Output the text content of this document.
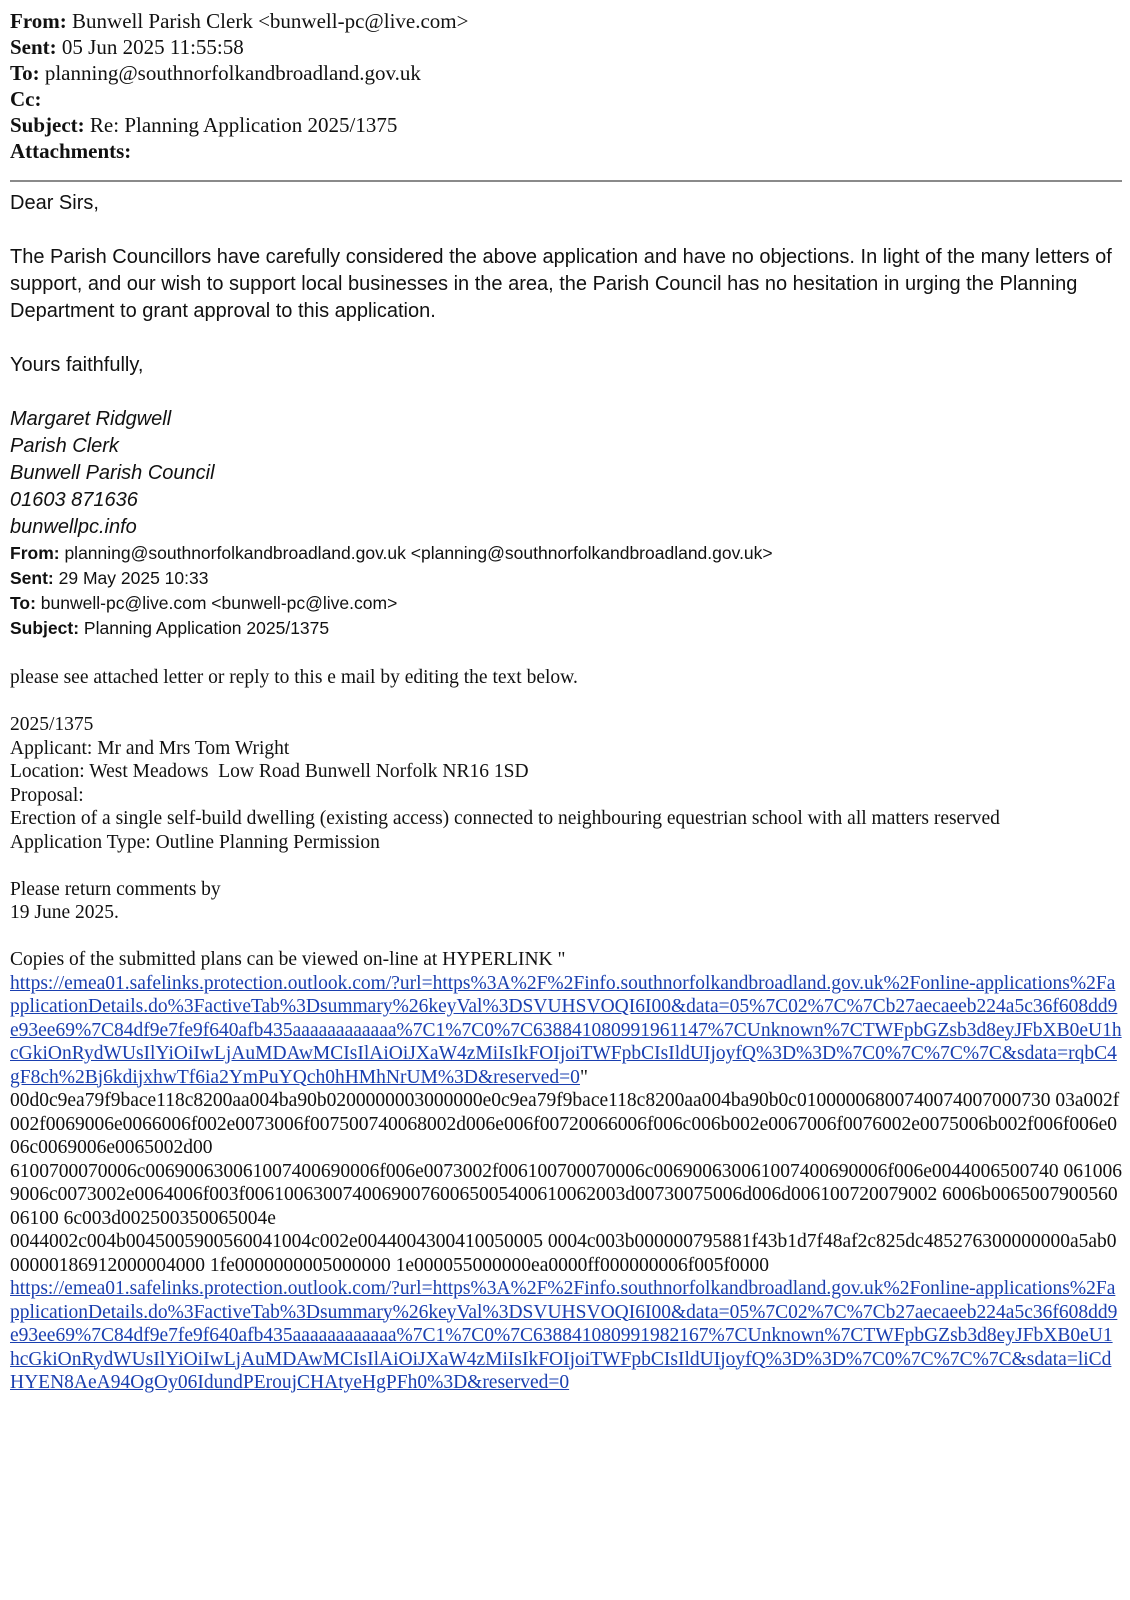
From: Bunwell Parish Clerk <bunwell-pc@live.com>
Sent: 05 Jun 2025 11:55:58
To: planning@southnorfolkandbroadland.gov.uk
Cc:
Subject: Re: Planning Application 2025/1375
Attachments:

Dear Sirs,

The Parish Councillors have carefully considered the above application and have no objections. In light of the many letters of support, and our wish to support local businesses in the area, the Parish Council has no hesitation in urging the Planning Department to grant approval to this application.

Yours faithfully,

Margaret Ridgwell
Parish Clerk
Bunwell Parish Council
01603 871636
bunwellpc.info
From: planning@southnorfolkandbroadland.gov.uk <planning@southnorfolkandbroadland.gov.uk>
Sent: 29 May 2025 10:33
To: bunwell-pc@live.com <bunwell-pc@live.com>
Subject: Planning Application 2025/1375
please see attached letter or reply to this e mail by editing the text below.
2025/1375
Applicant: Mr and Mrs Tom Wright
Location: West Meadows  Low Road Bunwell Norfolk NR16 1SD
Proposal:
Erection of a single self-build dwelling (existing access) connected to neighbouring equestrian school with all matters reserved
Application Type: Outline Planning Permission
Please return comments by
19 June 2025.
Copies of the submitted plans can be viewed on-line at HYPERLINK "
https://emea01.safelinks.protection.outlook.com/?url=https%3A%2F%2Finfo.southnorfolkandbroadland.gov.uk%2Fonline-applications%2FapplicationDetails.do%3FactiveTab%3Dsummary%26keyVal%3DSVUHSVOQI6I00&data=05%7C02%7C%7Cb27aecaeeb224a5c36f608dd9e93ee69%7C84df9e7fe9f640afb435aaaaaaaaaaaa%7C1%7C0%7C638841080991961147%7CUnknown%7CTWFpbGZsb3d8eyJFbXB0eU1hcGkiOnRydWUsIlYiOiIwLjAuMDAwMCIsIlAiOiJXaW4zMiIsIkFOIjoiTWFpbCIsIldUIjoyfQ%3D%3D%7C0%7C%7C%7C&sdata=rqbC4gF8ch%2Bj6kdijxhwTf6ia2YmPuYQch0hHMhNrUM%3D&reserved=0"
00d0c9ea79f9bace118c8200aa004ba90b0200000003000000e0c9ea79f9bace118c8200aa004ba90b0c01000006800740074007000730 03a002f002f0069006e0066006f002e0073006f007500740068002d006e006f00720066006f006c006b002e0067006f0076002e0075006b002f006f006e006c0069006e0065002d00
6100700070006c006900630061007400690006f006e0073002f006100700070006c006900630061007400690006f006e0044006500740 0610069006c0073002e0064006f003f006100630074006900760065005400610062003d00730075006d006d006100720079002 6006b006500790056006100 6c003d002500350065004e
0044002c004b0045005900560041004c002e0044004300410050005 0004c003b000000795881f43b1d7f48af2c825dc485276300000000a5ab000000186912000004000 1fe0000000005000000 1e000055000000ea0000ff000000006f005f0000
https://emea01.safelinks.protection.outlook.com/?url=https%3A%2F%2Finfo.southnorfolkandbroadland.gov.uk%2Fonline-applications%2FapplicationDetails.do%3FactiveTab%3Dsummary%26keyVal%3DSVUHSVOQI6I00&data=05%7C02%7C%7Cb27aecaeeb224a5c36f608dd9e93ee69%7C84df9e7fe9f640afb435aaaaaaaaaaaa%7C1%7C0%7C638841080991982167%7CUnknown%7CTWFpbGZsb3d8eyJFbXB0eU1hcGkiOnRydWUsIlYiOiIwLjAuMDAwMCIsIlAiOiJXaW4zMiIsIkFOIjoiTWFpbCIsIldUIjoyfQ%3D%3D%7C0%7C%7C%7C&sdata=liCdHYEN8AeA94OgOy06IdundPEroujCHAtyeHgPFh0%3D&reserved=0
